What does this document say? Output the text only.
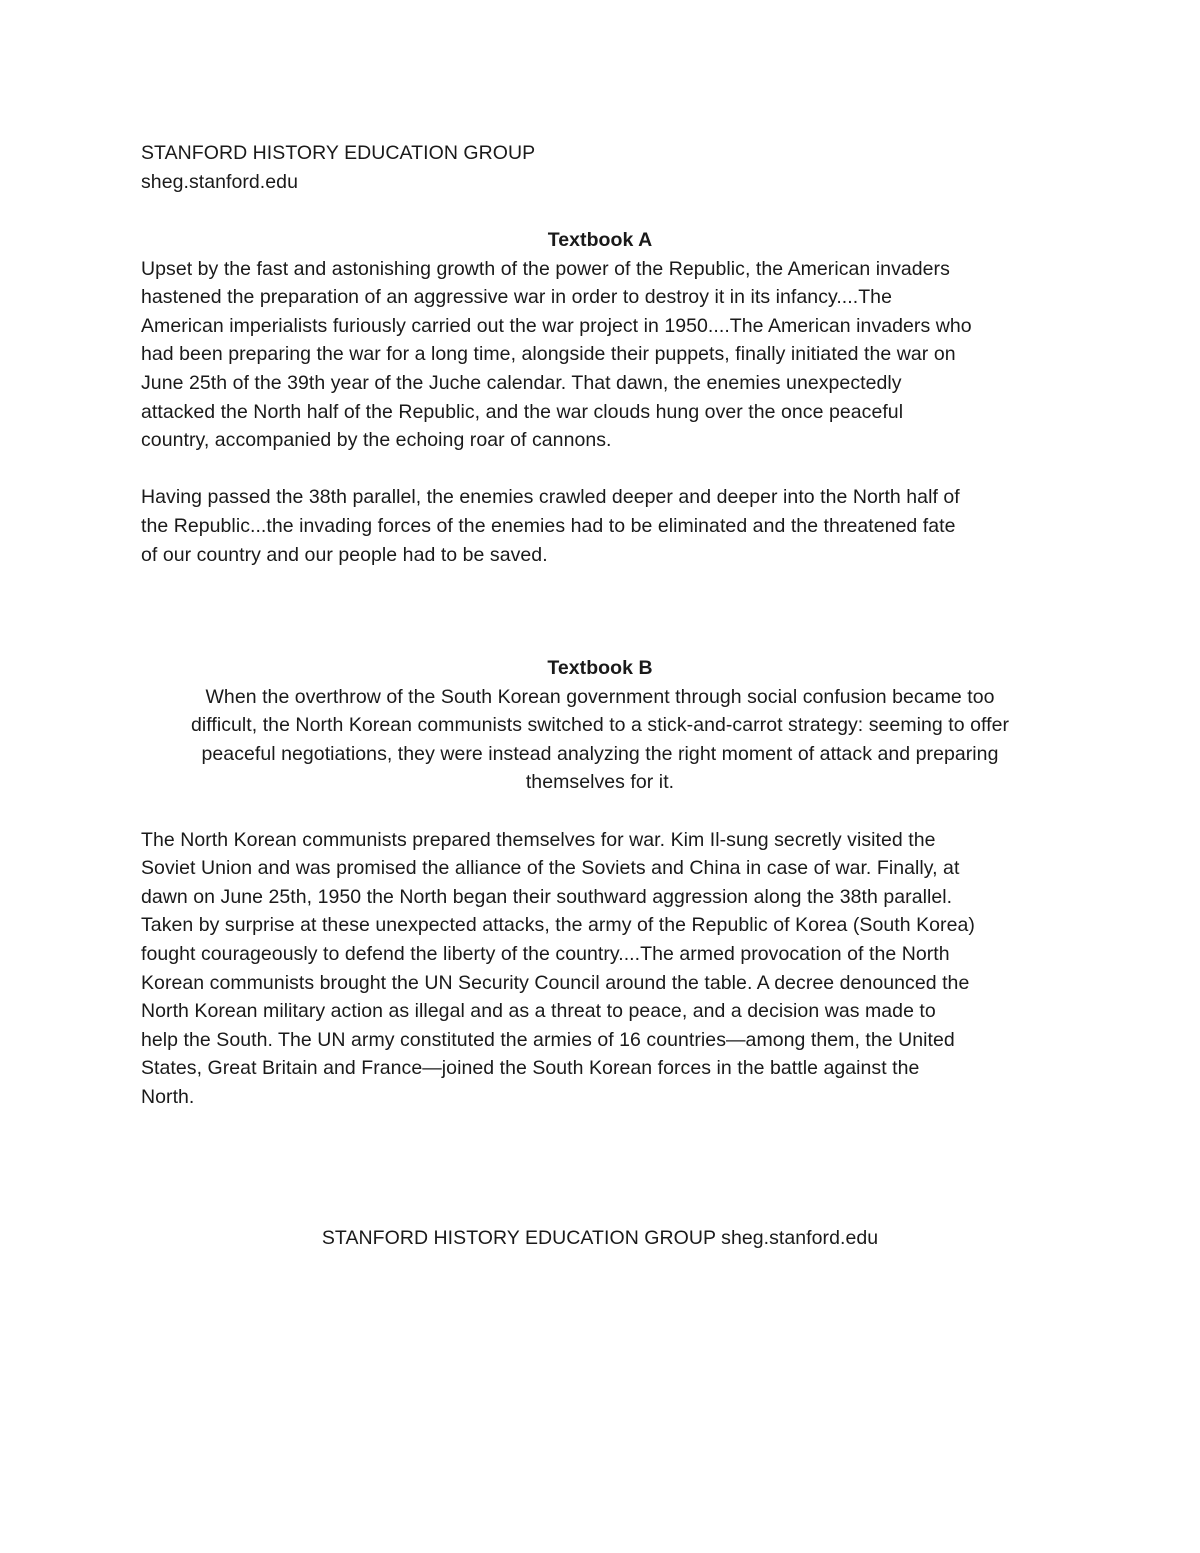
STANFORD HISTORY EDUCATION GROUP
sheg.stanford.edu
Textbook A
Upset by the fast and astonishing growth of the power of the Republic, the American invaders
hastened the preparation of an aggressive war in order to destroy it in its infancy....The
American imperialists furiously carried out the war project in 1950....The American invaders who
had been preparing the war for a long time, alongside their puppets, finally initiated the war on
June 25th of the 39th year of the Juche calendar. That dawn, the enemies unexpectedly
attacked the North half of the Republic, and the war clouds hung over the once peaceful
country, accompanied by the echoing roar of cannons.
Having passed the 38th parallel, the enemies crawled deeper and deeper into the North half of
the Republic...the invading forces of the enemies had to be eliminated and the threatened fate
of our country and our people had to be saved.
Textbook B
When the overthrow of the South Korean government through social confusion became too
difficult, the North Korean communists switched to a stick-and-carrot strategy: seeming to offer
peaceful negotiations, they were instead analyzing the right moment of attack and preparing
themselves for it.
The North Korean communists prepared themselves for war. Kim Il-sung secretly visited the
Soviet Union and was promised the alliance of the Soviets and China in case of war. Finally, at
dawn on June 25th, 1950 the North began their southward aggression along the 38th parallel.
Taken by surprise at these unexpected attacks, the army of the Republic of Korea (South Korea)
fought courageously to defend the liberty of the country....The armed provocation of the North
Korean communists brought the UN Security Council around the table. A decree denounced the
North Korean military action as illegal and as a threat to peace, and a decision was made to
help the South. The UN army constituted the armies of 16 countries—among them, the United
States, Great Britain and France—joined the South Korean forces in the battle against the
North.
STANFORD HISTORY EDUCATION GROUP sheg.stanford.edu
